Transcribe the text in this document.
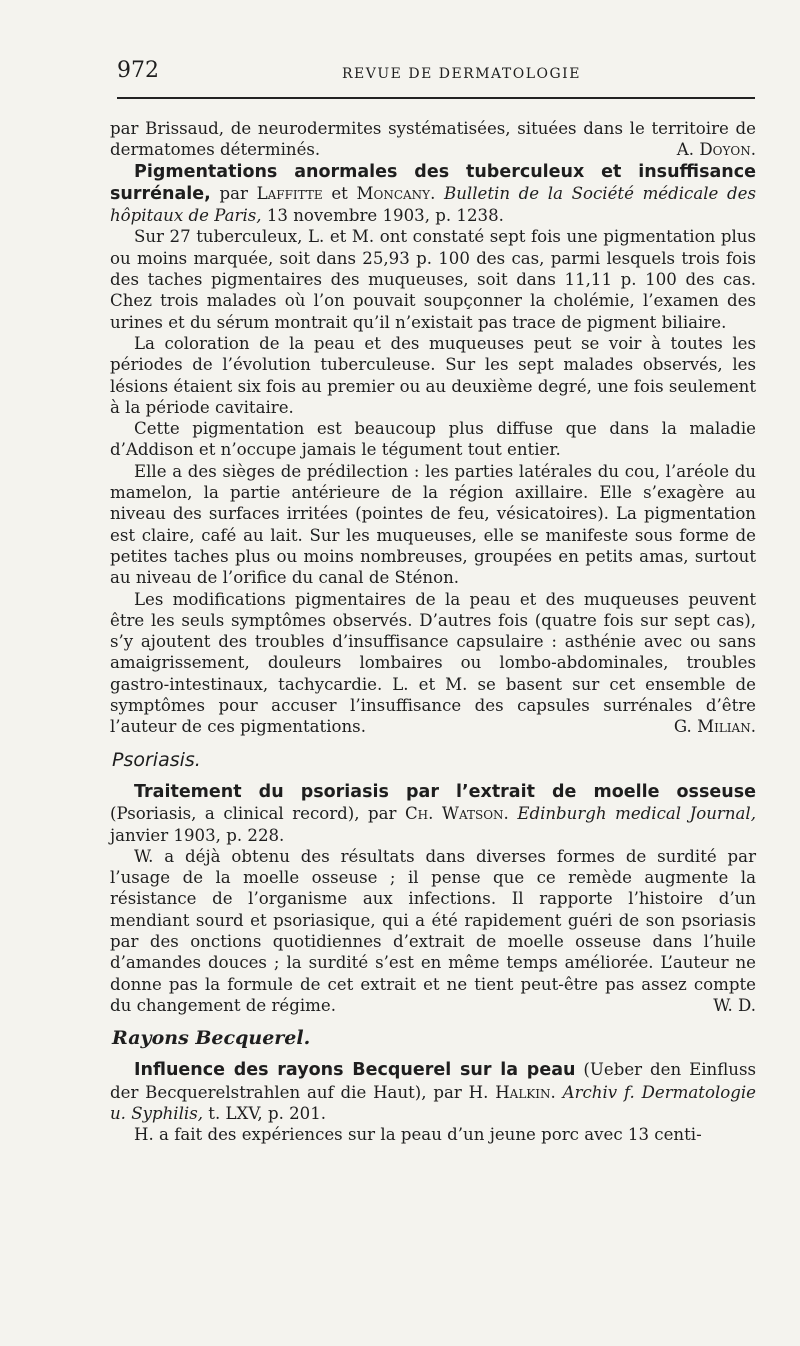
972	REVUE DE DERMATOLOGIE

par Brissaud, de neurodermites systématisées, situées dans le territoire de dermatomes déterminés.	A. Doyon.

Pigmentations anormales des tuberculeux et insuffisance surrénale, par Laffitte et Moncany. Bulletin de la Société médicale des hôpitaux de Paris, 13 novembre 1903, p. 1238.

Sur 27 tuberculeux, L. et M. ont constaté sept fois une pigmentation plus ou moins marquée, soit dans 25,93 p. 100 des cas, parmi lesquels trois fois des taches pigmentaires des muqueuses, soit dans 11,11 p. 100 des cas. Chez trois malades où l’on pouvait soupçonner la cholémie, l’examen des urines et du sérum montrait qu’il n’existait pas trace de pigment biliaire.

La coloration de la peau et des muqueuses peut se voir à toutes les périodes de l’évolution tuberculeuse. Sur les sept malades observés, les lésions étaient six fois au premier ou au deuxième degré, une fois seulement à la période cavitaire.

Cette pigmentation est beaucoup plus diffuse que dans la maladie d’Addison et n’occupe jamais le tégument tout entier.

Elle a des sièges de prédilection : les parties latérales du cou, l’aréole du mamelon, la partie antérieure de la région axillaire. Elle s’exagère au niveau des surfaces irritées (pointes de feu, vésicatoires). La pigmentation est claire, café au lait. Sur les muqueuses, elle se manifeste sous forme de petites taches plus ou moins nombreuses, groupées en petits amas, surtout au niveau de l’orifice du canal de Sténon.

Les modifications pigmentaires de la peau et des muqueuses peuvent être les seuls symptômes observés. D’autres fois (quatre fois sur sept cas), s’y ajoutent des troubles d’insuffisance capsulaire : asthénie avec ou sans amaigrissement, douleurs lombaires ou lombo-abdominales, troubles gastro-intestinaux, tachycardie. L. et M. se basent sur cet ensemble de symptômes pour accuser l’insuffisance des capsules surrénales d’être l’auteur de ces pigmentations.	G. Milian.

Psoriasis.

Traitement du psoriasis par l’extrait de moelle osseuse (Psoriasis, a clinical record), par Ch. Watson. Edinburgh medical Journal, janvier 1903, p. 228.

W. a déjà obtenu des résultats dans diverses formes de surdité par l’usage de la moelle osseuse ; il pense que ce remède augmente la résistance de l’organisme aux infections. Il rapporte l’histoire d’un mendiant sourd et psoriasique, qui a été rapidement guéri de son psoriasis par des onctions quotidiennes d’extrait de moelle osseuse dans l’huile d’amandes douces ; la surdité s’est en même temps améliorée. L’auteur ne donne pas la formule de cet extrait et ne tient peut-être pas assez compte du changement de régime.	W. D.

Rayons Becquerel.

Influence des rayons Becquerel sur la peau (Ueber den Einfluss der Becquerelstrahlen auf die Haut), par H. Halkin. Archiv f. Dermatologie u. Syphilis, t. LXV, p. 201.

H. a fait des expériences sur la peau d’un jeune porc avec 13 centi-
